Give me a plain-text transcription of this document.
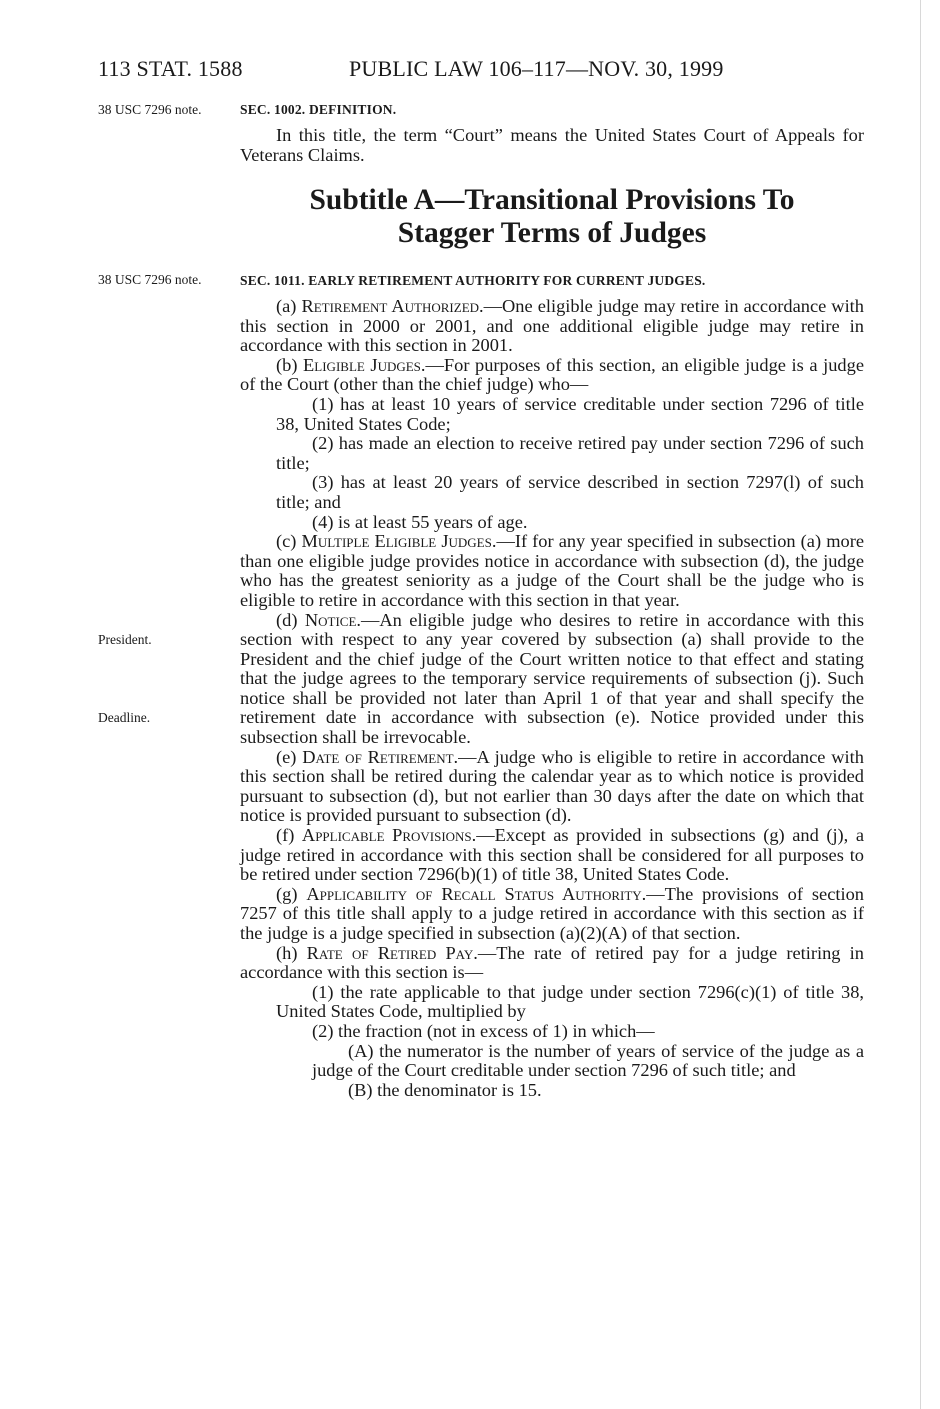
113 STAT. 1588	PUBLIC LAW 106–117—NOV. 30, 1999
38 USC 7296 note.
38 USC 7296 note.
President.
Deadline.
SEC. 1002. DEFINITION.

In this title, the term “Court” means the United States Court of Appeals for Veterans Claims.

Subtitle A—Transitional Provisions To
Stagger Terms of Judges
SEC. 1011. EARLY RETIREMENT AUTHORITY FOR CURRENT JUDGES.

(a) Retirement Authorized.—One eligible judge may retire in accordance with this section in 2000 or 2001, and one additional eligible judge may retire in accordance with this section in 2001.

(b) Eligible Judges.—For purposes of this section, an eligible judge is a judge of the Court (other than the chief judge) who—

(1) has at least 10 years of service creditable under section 7296 of title 38, United States Code;

(2) has made an election to receive retired pay under section 7296 of such title;

(3) has at least 20 years of service described in section 7297(l) of such title; and

(4) is at least 55 years of age.

(c) Multiple Eligible Judges.—If for any year specified in subsection (a) more than one eligible judge provides notice in accordance with subsection (d), the judge who has the greatest seniority as a judge of the Court shall be the judge who is eligible to retire in accordance with this section in that year.

(d) Notice.—An eligible judge who desires to retire in accordance with this section with respect to any year covered by subsection (a) shall provide to the President and the chief judge of the Court written notice to that effect and stating that the judge agrees to the temporary service requirements of subsection (j). Such notice shall be provided not later than April 1 of that year and shall specify the retirement date in accordance with subsection (e). Notice provided under this subsection shall be irrevocable.

(e) Date of Retirement.—A judge who is eligible to retire in accordance with this section shall be retired during the calendar year as to which notice is provided pursuant to subsection (d), but not earlier than 30 days after the date on which that notice is provided pursuant to subsection (d).

(f) Applicable Provisions.—Except as provided in subsections (g) and (j), a judge retired in accordance with this section shall be considered for all purposes to be retired under section 7296(b)(1) of title 38, United States Code.

(g) Applicability of Recall Status Authority.—The provisions of section 7257 of this title shall apply to a judge retired in accordance with this section as if the judge is a judge specified in subsection (a)(2)(A) of that section.

(h) Rate of Retired Pay.—The rate of retired pay for a judge retiring in accordance with this section is—

(1) the rate applicable to that judge under section 7296(c)(1) of title 38, United States Code, multiplied by

(2) the fraction (not in excess of 1) in which—

(A) the numerator is the number of years of service of the judge as a judge of the Court creditable under section 7296 of such title; and

(B) the denominator is 15.
